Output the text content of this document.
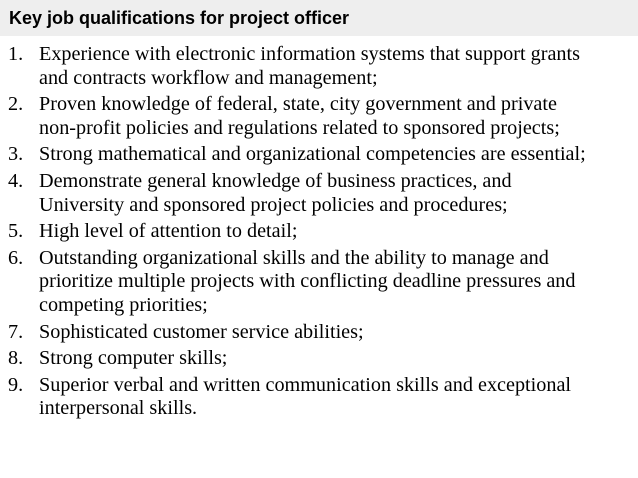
Key job qualifications for project officer
1. Experience with electronic information systems that support grants
and contracts workflow and management;
2. Proven knowledge of federal, state, city government and private
non-profit policies and regulations related to sponsored projects;
3. Strong mathematical and organizational competencies are essential;
4. Demonstrate general knowledge of business practices, and
University and sponsored project policies and procedures;
5. High level of attention to detail;
6. Outstanding organizational skills and the ability to manage and
prioritize multiple projects with conflicting deadline pressures and
competing priorities;
7. Sophisticated customer service abilities;
8. Strong computer skills;
9. Superior verbal and written communication skills and exceptional
interpersonal skills.
